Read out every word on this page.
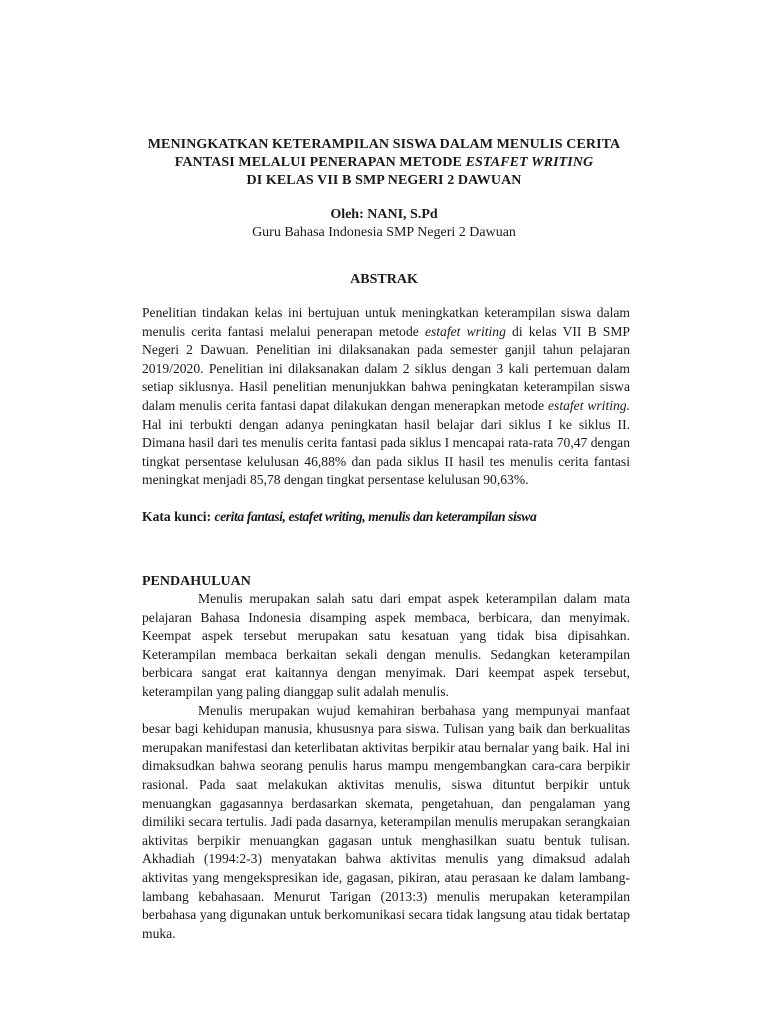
MENINGKATKAN KETERAMPILAN SISWA DALAM MENULIS CERITA
FANTASI MELALUI PENERAPAN METODE ESTAFET WRITING
DI KELAS VII B SMP NEGERI 2 DAWUAN
Oleh: NANI, S.Pd
Guru Bahasa Indonesia SMP Negeri 2 Dawuan
ABSTRAK
Penelitian tindakan kelas ini bertujuan untuk meningkatkan keterampilan siswa dalam menulis cerita fantasi melalui penerapan metode estafet writing di kelas VII B SMP Negeri 2 Dawuan. Penelitian ini dilaksanakan pada semester ganjil tahun pelajaran 2019/2020. Penelitian ini dilaksanakan dalam 2 siklus dengan 3 kali pertemuan dalam setiap siklusnya. Hasil penelitian menunjukkan bahwa peningkatan keterampilan siswa dalam menulis cerita fantasi dapat dilakukan dengan menerapkan metode estafet writing. Hal ini terbukti dengan adanya peningkatan hasil belajar dari siklus I ke siklus II. Dimana hasil dari tes menulis cerita fantasi pada siklus I mencapai rata-rata 70,47 dengan tingkat persentase kelulusan 46,88% dan pada siklus II hasil tes menulis cerita fantasi meningkat menjadi 85,78 dengan tingkat persentase kelulusan 90,63%.
Kata kunci: cerita fantasi, estafet writing, menulis dan keterampilan siswa
PENDAHULUAN

Menulis merupakan salah satu dari empat aspek keterampilan dalam mata pelajaran Bahasa Indonesia disamping aspek membaca, berbicara, dan menyimak. Keempat aspek tersebut merupakan satu kesatuan yang tidak bisa dipisahkan. Keterampilan membaca berkaitan sekali dengan menulis. Sedangkan keterampilan berbicara sangat erat kaitannya dengan menyimak. Dari keempat aspek tersebut, keterampilan yang paling dianggap sulit adalah menulis.

Menulis merupakan wujud kemahiran berbahasa yang mempunyai manfaat besar bagi kehidupan manusia, khususnya para siswa. Tulisan yang baik dan berkualitas merupakan manifestasi dan keterlibatan aktivitas berpikir atau bernalar yang baik. Hal ini dimaksudkan bahwa seorang penulis harus mampu mengembangkan cara-cara berpikir rasional. Pada saat melakukan aktivitas menulis, siswa dituntut berpikir untuk menuangkan gagasannya berdasarkan skemata, pengetahuan, dan pengalaman yang dimiliki secara tertulis. Jadi pada dasarnya, keterampilan menulis merupakan serangkaian aktivitas berpikir menuangkan gagasan untuk menghasilkan suatu bentuk tulisan. Akhadiah (1994:2-3) menyatakan bahwa aktivitas menulis yang dimaksud adalah aktivitas yang mengekspresikan ide, gagasan, pikiran, atau perasaan ke dalam lambang-lambang kebahasaan. Menurut Tarigan (2013:3) menulis merupakan keterampilan berbahasa yang digunakan untuk berkomunikasi secara tidak langsung atau tidak bertatap muka.
